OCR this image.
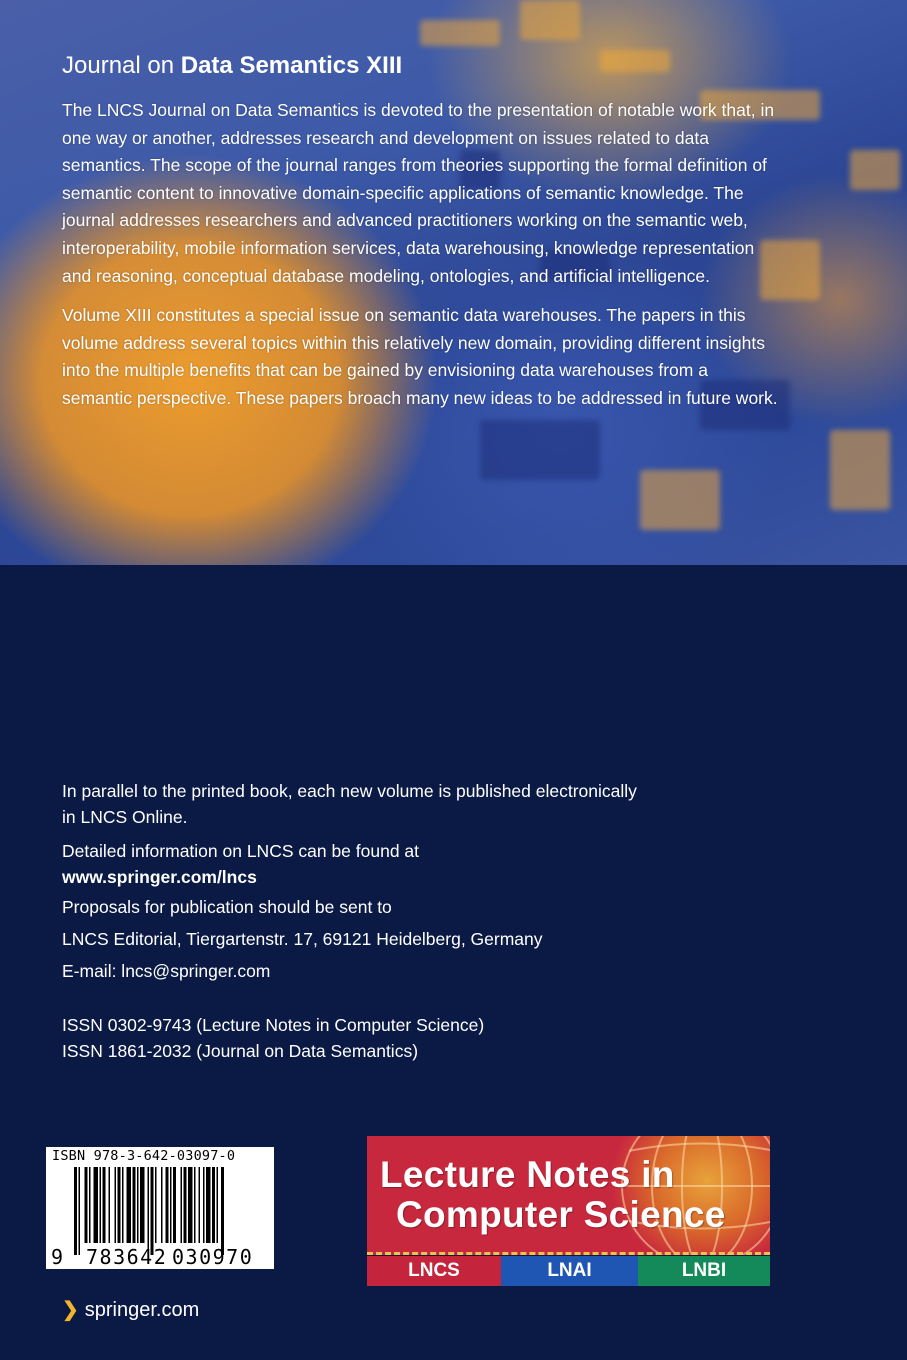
Journal on Data Semantics XIII
The LNCS Journal on Data Semantics is devoted to the presentation of notable work that, in
one way or another, addresses research and development on issues related to data
semantics. The scope of the journal ranges from theories supporting the formal definition of
semantic content to innovative domain-specific applications of semantic knowledge. The
journal addresses researchers and advanced practitioners working on the semantic web,
interoperability, mobile information services, data warehousing, knowledge representation
and reasoning, conceptual database modeling, ontologies, and artificial intelligence.
Volume XIII constitutes a special issue on semantic data warehouses. The papers in this
volume address several topics within this relatively new domain, providing different insights
into the multiple benefits that can be gained by envisioning data warehouses from a
semantic perspective. These papers broach many new ideas to be addressed in future work.
In parallel to the printed book, each new volume is published electronically
in LNCS Online.
Detailed information on LNCS can be found at
www.springer.com/lncs
Proposals for publication should be sent to
LNCS Editorial, Tiergartenstr. 17, 69121 Heidelberg, Germany
E-mail: lncs@springer.com
ISSN 0302-9743 (Lecture Notes in Computer Science)
ISSN 1861-2032 (Journal on Data Semantics)
ISBN 978-3-642-03097-0
9 783642 030970
Lecture Notes in
Computer Science
LNCS	LNAI	LNBI
❯ springer.com
